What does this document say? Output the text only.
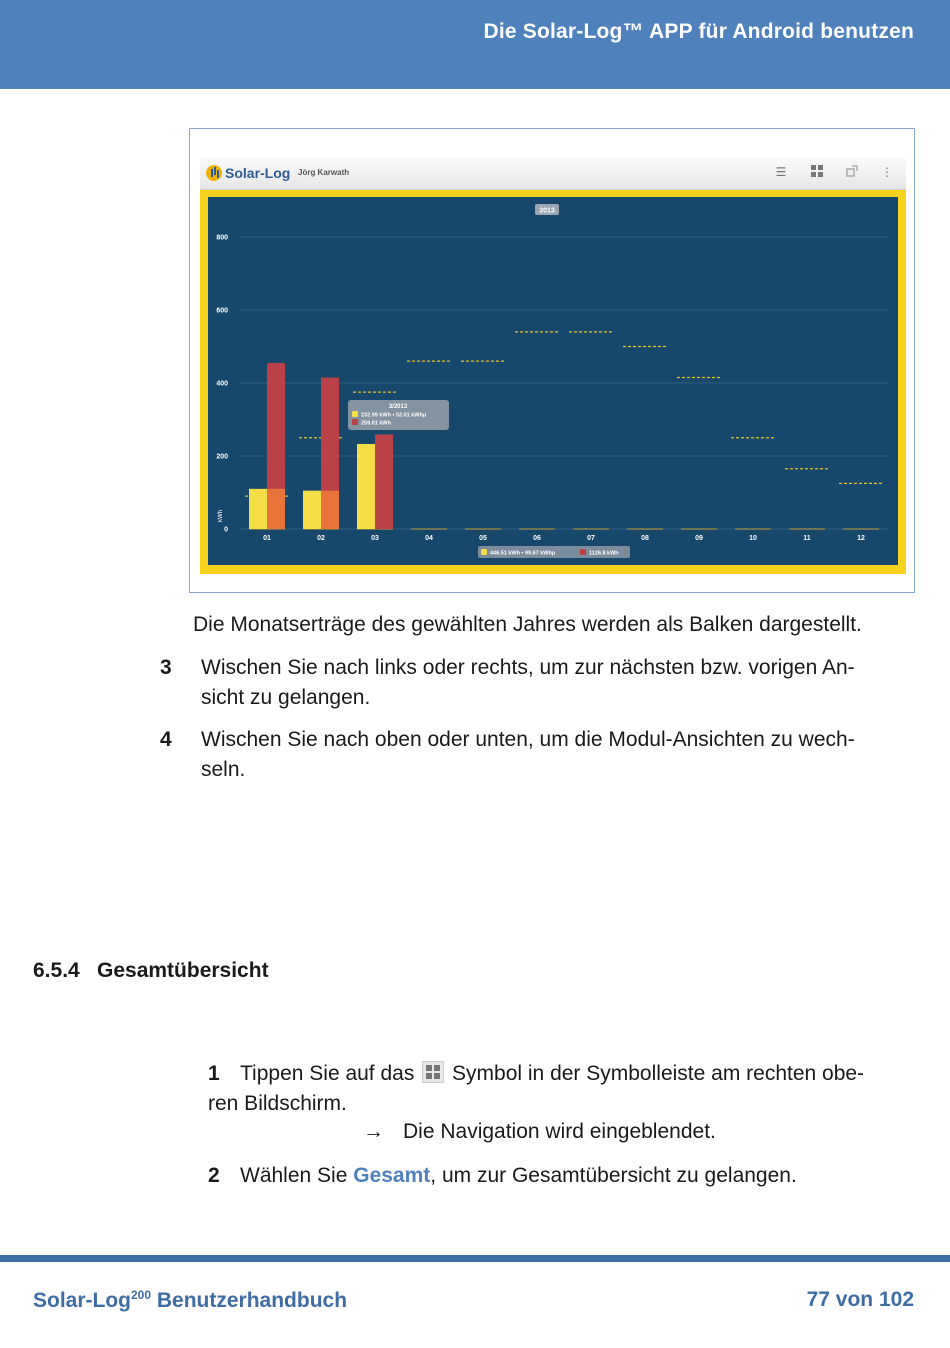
Die Solar-Log™ APP für Android benutzen
Solar-Log Jörg Karwath	☰	⋮
2013
0
200
400
600
800
kWh
01	02	03	04	05	06	07	08	09	10	11	12
3/2013
232.99 kWh • 52.01 kWhp
259.01 kWh
446.51 kWh • 99.67 kWhp	1126.8 kWh
Die Monatserträge des gewählten Jahres werden als Balken dargestellt.
3 Wischen Sie nach links oder rechts, um zur nächsten bzw. vorigen An-
sicht zu gelangen.
4 Wischen Sie nach oben oder unten, um die Modul-Ansichten zu wech-
seln.
6.5.4 Gesamtübersicht
1 Tippen Sie auf das Symbol in der Symbolleiste am rechten obe-
ren Bildschirm.
→ Die Navigation wird eingeblendet.
2 Wählen Sie Gesamt, um zur Gesamtübersicht zu gelangen.
Solar-Log$^{200}$ Benutzerhandbuch	77 von 102
